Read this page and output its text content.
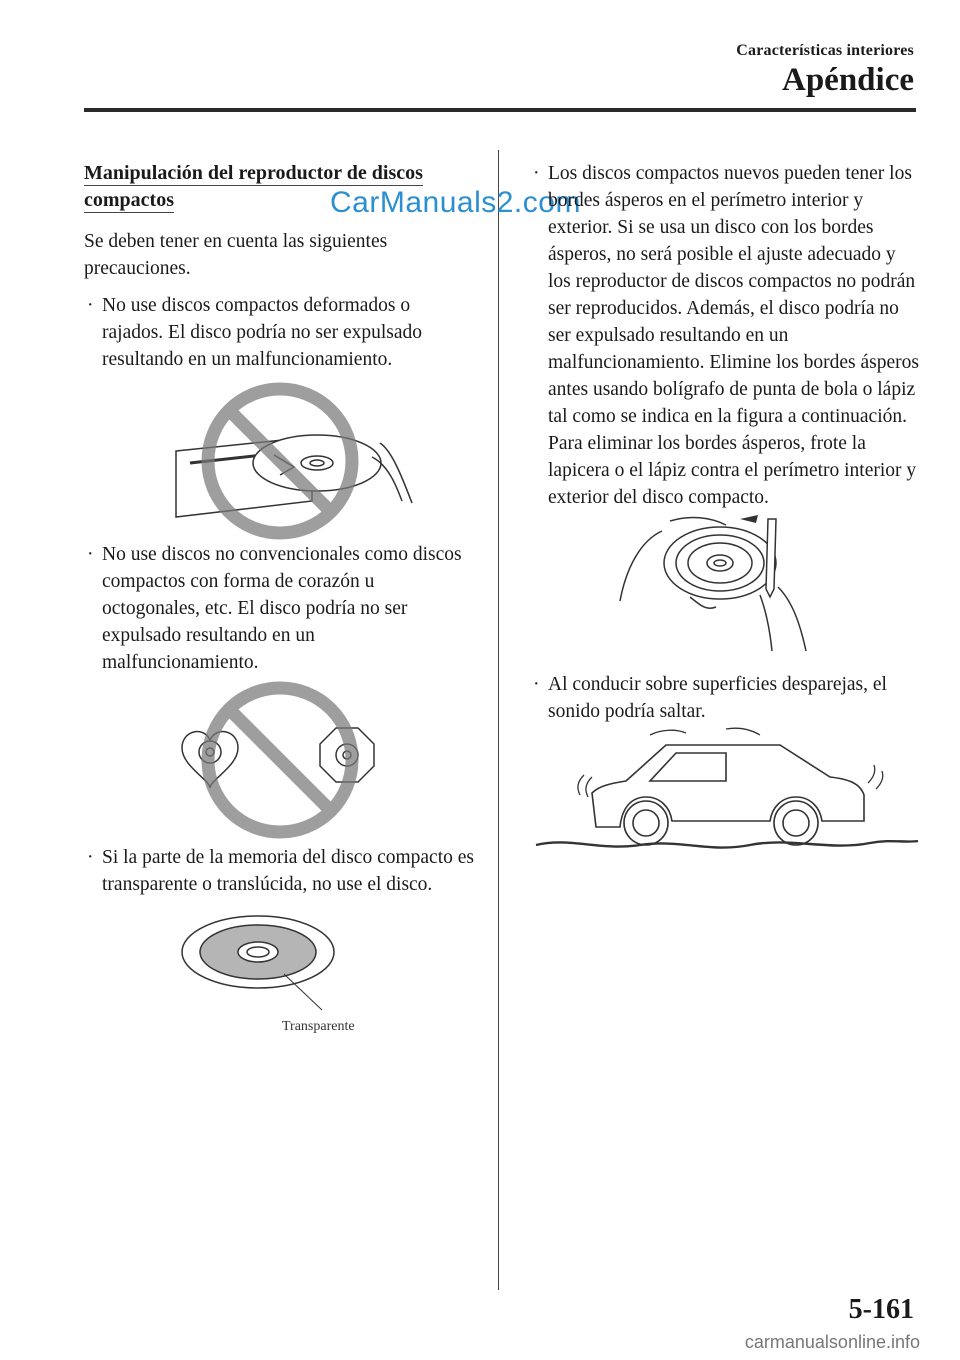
Características interiores
Apéndice
CarManuals2.com
Manipulación del reproductor de discos compactos

Se deben tener en cuenta las siguientes precauciones.

· No use discos compactos deformados o rajados. El disco podría no ser expulsado resultando en un malfuncionamiento.

· No use discos no convencionales como discos compactos con forma de corazón u octogonales, etc. El disco podría no ser expulsado resultando en un malfuncionamiento.

· Si la parte de la memoria del disco compacto es transparente o translúcida, no use el disco.

Transparente

· Los discos compactos nuevos pueden tener los bordes ásperos en el perímetro interior y exterior. Si se usa un disco con los bordes ásperos, no será posible el ajuste adecuado y los reproductor de discos compactos no podrán ser reproducidos. Además, el disco podría no ser expulsado resultando en un malfuncionamiento. Elimine los bordes ásperos antes usando bolígrafo de punta de bola o lápiz tal como se indica en la figura a continuación. Para eliminar los bordes ásperos, frote la lapicera o el lápiz contra el perímetro interior y exterior del disco compacto.

· Al conducir sobre superficies desparejas, el sonido podría saltar.

5-161
carmanualsonline.info
